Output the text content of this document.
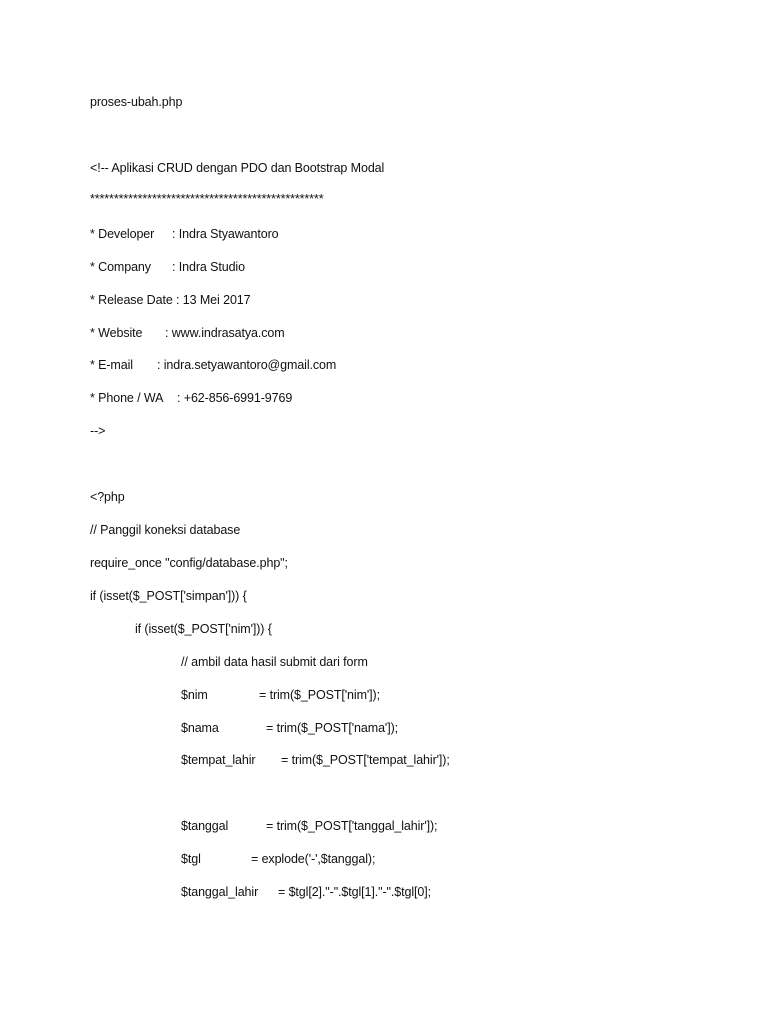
proses-ubah.php
<!-- Aplikasi CRUD dengan PDO dan Bootstrap Modal
*************************************************
* Developer : Indra Styawantoro
* Company : Indra Studio
* Release Date : 13 Mei 2017
* Website : www.indrasatya.com
* E-mail : indra.setyawantoro@gmail.com
* Phone / WA : +62-856-6991-9769
-->
<?php
// Panggil koneksi database
require_once "config/database.php";
if (isset($_POST['simpan'])) {
if (isset($_POST['nim'])) {
// ambil data hasil submit dari form
$nim	= trim($_POST['nim']);
$nama	= trim($_POST['nama']);
$tempat_lahir = trim($_POST['tempat_lahir']);
$tanggal	= trim($_POST['tanggal_lahir']);
$tgl	= explode('-',$tanggal);
$tanggal_lahir = $tgl[2]."-".$tgl[1]."-".$tgl[0];
